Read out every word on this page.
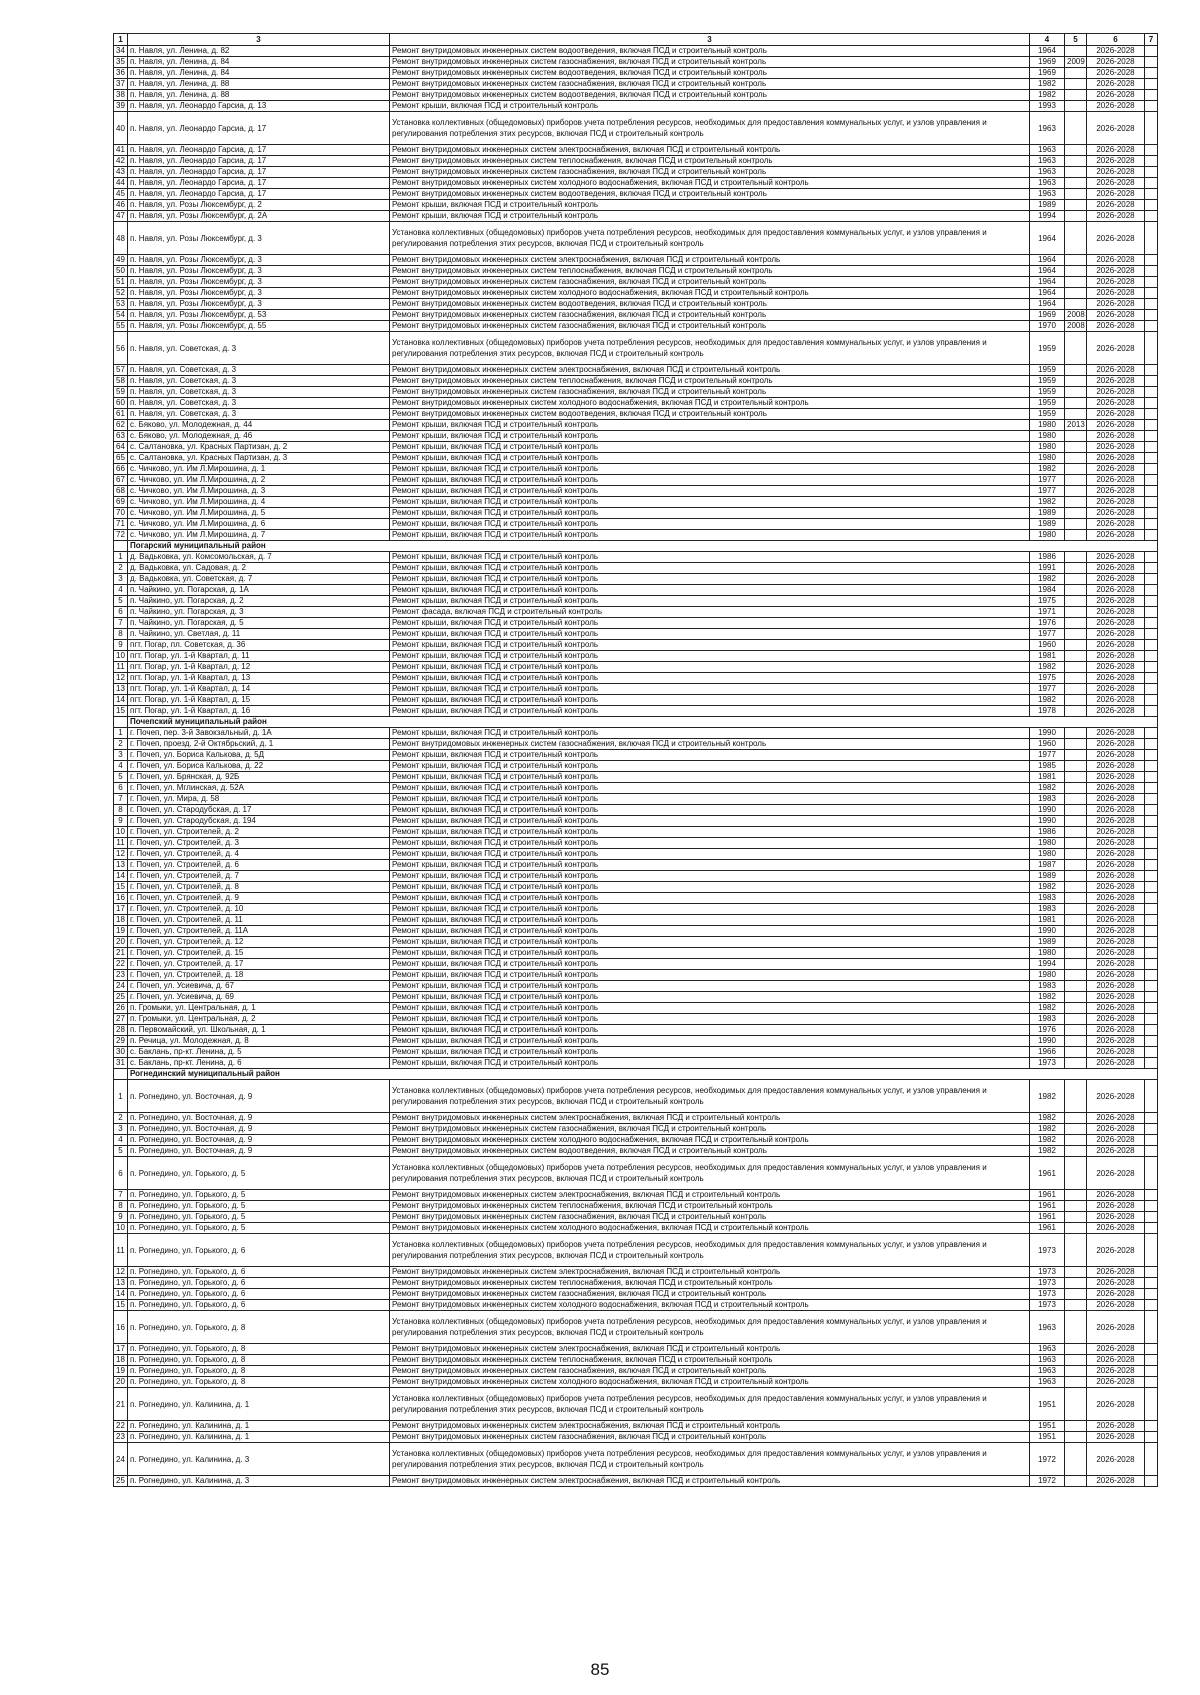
1	3	3	4	5	6	7
34	п. Навля, ул. Ленина, д. 82	Ремонт внутридомовых инженерных систем водоотведения, включая ПСД и строительный контроль	1964		2026-2028	
35	п. Навля, ул. Ленина, д. 84	Ремонт внутридомовых инженерных систем газоснабжения, включая ПСД и строительный контроль	1969	2009	2026-2028	
36	п. Навля, ул. Ленина, д. 84	Ремонт внутридомовых инженерных систем водоотведения, включая ПСД и строительный контроль	1969		2026-2028	
37	п. Навля, ул. Ленина, д. 88	Ремонт внутридомовых инженерных систем газоснабжения, включая ПСД и строительный контроль	1982		2026-2028	
38	п. Навля, ул. Ленина, д. 88	Ремонт внутридомовых инженерных систем водоотведения, включая ПСД и строительный контроль	1982		2026-2028	
39	п. Навля, ул. Леонардо Гарсиа, д. 13	Ремонт крыши, включая ПСД и строительный контроль	1993		2026-2028	
40	п. Навля, ул. Леонардо Гарсиа, д. 17	Установка коллективных (общедомовых) приборов учета потребления ресурсов, необходимых для предоставления коммунальных услуг, и узлов управления и регулирования потребления этих ресурсов, включая ПСД и строительный контроль	1963		2026-2028	
41	п. Навля, ул. Леонардо Гарсиа, д. 17	Ремонт внутридомовых инженерных систем электроснабжения, включая ПСД и строительный контроль	1963		2026-2028	
42	п. Навля, ул. Леонардо Гарсиа, д. 17	Ремонт внутридомовых инженерных систем теплоснабжения, включая ПСД и строительный контроль	1963		2026-2028	
43	п. Навля, ул. Леонардо Гарсиа, д. 17	Ремонт внутридомовых инженерных систем газоснабжения, включая ПСД и строительный контроль	1963		2026-2028	
44	п. Навля, ул. Леонардо Гарсиа, д. 17	Ремонт внутридомовых инженерных систем холодного водоснабжения, включая ПСД и строительный контроль	1963		2026-2028	
45	п. Навля, ул. Леонардо Гарсиа, д. 17	Ремонт внутридомовых инженерных систем водоотведения, включая ПСД и строительный контроль	1963		2026-2028	
46	п. Навля, ул. Розы Люксембург, д. 2	Ремонт крыши, включая ПСД и строительный контроль	1989		2026-2028	
47	п. Навля, ул. Розы Люксембург, д. 2А	Ремонт крыши, включая ПСД и строительный контроль	1994		2026-2028	
48	п. Навля, ул. Розы Люксембург, д. 3	Установка коллективных (общедомовых) приборов учета потребления ресурсов, необходимых для предоставления коммунальных услуг, и узлов управления и регулирования потребления этих ресурсов, включая ПСД и строительный контроль	1964		2026-2028	
49	п. Навля, ул. Розы Люксембург, д. 3	Ремонт внутридомовых инженерных систем электроснабжения, включая ПСД и строительный контроль	1964		2026-2028	
50	п. Навля, ул. Розы Люксембург, д. 3	Ремонт внутридомовых инженерных систем теплоснабжения, включая ПСД и строительный контроль	1964		2026-2028	
51	п. Навля, ул. Розы Люксембург, д. 3	Ремонт внутридомовых инженерных систем газоснабжения, включая ПСД и строительный контроль	1964		2026-2028	
52	п. Навля, ул. Розы Люксембург, д. 3	Ремонт внутридомовых инженерных систем холодного водоснабжения, включая ПСД и строительный контроль	1964		2026-2028	
53	п. Навля, ул. Розы Люксембург, д. 3	Ремонт внутридомовых инженерных систем водоотведения, включая ПСД и строительный контроль	1964		2026-2028	
54	п. Навля, ул. Розы Люксембург, д. 53	Ремонт внутридомовых инженерных систем газоснабжения, включая ПСД и строительный контроль	1969	2008	2026-2028	
55	п. Навля, ул. Розы Люксембург, д. 55	Ремонт внутридомовых инженерных систем газоснабжения, включая ПСД и строительный контроль	1970	2008	2026-2028	
56	п. Навля, ул. Советская, д. 3	Установка коллективных (общедомовых) приборов учета потребления ресурсов, необходимых для предоставления коммунальных услуг, и узлов управления и регулирования потребления этих ресурсов, включая ПСД и строительный контроль	1959		2026-2028	
57	п. Навля, ул. Советская, д. 3	Ремонт внутридомовых инженерных систем электроснабжения, включая ПСД и строительный контроль	1959		2026-2028	
58	п. Навля, ул. Советская, д. 3	Ремонт внутридомовых инженерных систем теплоснабжения, включая ПСД и строительный контроль	1959		2026-2028	
59	п. Навля, ул. Советская, д. 3	Ремонт внутридомовых инженерных систем газоснабжения, включая ПСД и строительный контроль	1959		2026-2028	
60	п. Навля, ул. Советская, д. 3	Ремонт внутридомовых инженерных систем холодного водоснабжения, включая ПСД и строительный контроль	1959		2026-2028	
61	п. Навля, ул. Советская, д. 3	Ремонт внутридомовых инженерных систем водоотведения, включая ПСД и строительный контроль	1959		2026-2028	
62	с. Бяково, ул. Молодежная, д. 44	Ремонт крыши, включая ПСД и строительный контроль	1980	2013	2026-2028	
63	с. Бяково, ул. Молодежная, д. 46	Ремонт крыши, включая ПСД и строительный контроль	1980		2026-2028	
64	с. Салтановка, ул. Красных Партизан, д. 2	Ремонт крыши, включая ПСД и строительный контроль	1980		2026-2028	
65	с. Салтановка, ул. Красных Партизан, д. 3	Ремонт крыши, включая ПСД и строительный контроль	1980		2026-2028	
66	с. Чичково, ул. Им Л.Мирошина, д. 1	Ремонт крыши, включая ПСД и строительный контроль	1982		2026-2028	
67	с. Чичково, ул. Им Л.Мирошина, д. 2	Ремонт крыши, включая ПСД и строительный контроль	1977		2026-2028	
68	с. Чичково, ул. Им Л.Мирошина, д. 3	Ремонт крыши, включая ПСД и строительный контроль	1977		2026-2028	
69	с. Чичково, ул. Им Л.Мирошина, д. 4	Ремонт крыши, включая ПСД и строительный контроль	1982		2026-2028	
70	с. Чичково, ул. Им Л.Мирошина, д. 5	Ремонт крыши, включая ПСД и строительный контроль	1989		2026-2028	
71	с. Чичково, ул. Им Л.Мирошина, д. 6	Ремонт крыши, включая ПСД и строительный контроль	1989		2026-2028	
72	с. Чичково, ул. Им Л.Мирошина, д. 7	Ремонт крыши, включая ПСД и строительный контроль	1980		2026-2028	
	Погарский муниципальный район					
1	д. Вадьковка, ул. Комсомольская, д. 7	Ремонт крыши, включая ПСД и строительный контроль	1986		2026-2028	
2	д. Вадьковка, ул. Садовая, д. 2	Ремонт крыши, включая ПСД и строительный контроль	1991		2026-2028	
3	д. Вадьковка, ул. Советская, д. 7	Ремонт крыши, включая ПСД и строительный контроль	1982		2026-2028	
4	п. Чайкино, ул. Погарская, д. 1А	Ремонт крыши, включая ПСД и строительный контроль	1984		2026-2028	
5	п. Чайкино, ул. Погарская, д. 2	Ремонт крыши, включая ПСД и строительный контроль	1975		2026-2028	
6	п. Чайкино, ул. Погарская, д. 3	Ремонт фасада, включая ПСД и строительный контроль	1971		2026-2028	
7	п. Чайкино, ул. Погарская, д. 5	Ремонт крыши, включая ПСД и строительный контроль	1976		2026-2028	
8	п. Чайкино, ул. Светлая, д. 11	Ремонт крыши, включая ПСД и строительный контроль	1977		2026-2028	
9	пгт. Погар, пл. Советская, д. 36	Ремонт крыши, включая ПСД и строительный контроль	1960		2026-2028	
10	пгт. Погар, ул. 1-й Квартал, д. 11	Ремонт крыши, включая ПСД и строительный контроль	1981		2026-2028	
11	пгт. Погар, ул. 1-й Квартал, д. 12	Ремонт крыши, включая ПСД и строительный контроль	1982		2026-2028	
12	пгт. Погар, ул. 1-й Квартал, д. 13	Ремонт крыши, включая ПСД и строительный контроль	1975		2026-2028	
13	пгт. Погар, ул. 1-й Квартал, д. 14	Ремонт крыши, включая ПСД и строительный контроль	1977		2026-2028	
14	пгт. Погар, ул. 1-й Квартал, д. 15	Ремонт крыши, включая ПСД и строительный контроль	1982		2026-2028	
15	пгт. Погар, ул. 1-й Квартал, д. 16	Ремонт крыши, включая ПСД и строительный контроль	1978		2026-2028	
	Почепский муниципальный район					
1	г. Почеп, пер. 3-й Завокзальный, д. 1А	Ремонт крыши, включая ПСД и строительный контроль	1990		2026-2028	
2	г. Почеп, проезд. 2-й Октябрьский, д. 1	Ремонт внутридомовых инженерных систем газоснабжения, включая ПСД и строительный контроль	1960		2026-2028	
3	г. Почеп, ул. Бориса Калькова, д. 5Д	Ремонт крыши, включая ПСД и строительный контроль	1977		2026-2028	
4	г. Почеп, ул. Бориса Калькова, д. 22	Ремонт крыши, включая ПСД и строительный контроль	1985		2026-2028	
5	г. Почеп, ул. Брянская, д. 92Б	Ремонт крыши, включая ПСД и строительный контроль	1981		2026-2028	
6	г. Почеп, ул. Мглинская, д. 52А	Ремонт крыши, включая ПСД и строительный контроль	1982		2026-2028	
7	г. Почеп, ул. Мира, д. 58	Ремонт крыши, включая ПСД и строительный контроль	1983		2026-2028	
8	г. Почеп, ул. Стародубская, д. 17	Ремонт крыши, включая ПСД и строительный контроль	1990		2026-2028	
9	г. Почеп, ул. Стародубская, д. 194	Ремонт крыши, включая ПСД и строительный контроль	1990		2026-2028	
10	г. Почеп, ул. Строителей, д. 2	Ремонт крыши, включая ПСД и строительный контроль	1986		2026-2028	
11	г. Почеп, ул. Строителей, д. 3	Ремонт крыши, включая ПСД и строительный контроль	1980		2026-2028	
12	г. Почеп, ул. Строителей, д. 4	Ремонт крыши, включая ПСД и строительный контроль	1980		2026-2028	
13	г. Почеп, ул. Строителей, д. 6	Ремонт крыши, включая ПСД и строительный контроль	1987		2026-2028	
14	г. Почеп, ул. Строителей, д. 7	Ремонт крыши, включая ПСД и строительный контроль	1989		2026-2028	
15	г. Почеп, ул. Строителей, д. 8	Ремонт крыши, включая ПСД и строительный контроль	1982		2026-2028	
16	г. Почеп, ул. Строителей, д. 9	Ремонт крыши, включая ПСД и строительный контроль	1983		2026-2028	
17	г. Почеп, ул. Строителей, д. 10	Ремонт крыши, включая ПСД и строительный контроль	1983		2026-2028	
18	г. Почеп, ул. Строителей, д. 11	Ремонт крыши, включая ПСД и строительный контроль	1981		2026-2028	
19	г. Почеп, ул. Строителей, д. 11А	Ремонт крыши, включая ПСД и строительный контроль	1990		2026-2028	
20	г. Почеп, ул. Строителей, д. 12	Ремонт крыши, включая ПСД и строительный контроль	1989		2026-2028	
21	г. Почеп, ул. Строителей, д. 15	Ремонт крыши, включая ПСД и строительный контроль	1980		2026-2028	
22	г. Почеп, ул. Строителей, д. 17	Ремонт крыши, включая ПСД и строительный контроль	1994		2026-2028	
23	г. Почеп, ул. Строителей, д. 18	Ремонт крыши, включая ПСД и строительный контроль	1980		2026-2028	
24	г. Почеп, ул. Усиевича, д. 67	Ремонт крыши, включая ПСД и строительный контроль	1983		2026-2028	
25	г. Почеп, ул. Усиевича, д. 69	Ремонт крыши, включая ПСД и строительный контроль	1982		2026-2028	
26	п. Громыки, ул. Центральная, д. 1	Ремонт крыши, включая ПСД и строительный контроль	1982		2026-2028	
27	п. Громыки, ул. Центральная, д. 2	Ремонт крыши, включая ПСД и строительный контроль	1983		2026-2028	
28	п. Первомайский, ул. Школьная, д. 1	Ремонт крыши, включая ПСД и строительный контроль	1976		2026-2028	
29	п. Речица, ул. Молодежная, д. 8	Ремонт крыши, включая ПСД и строительный контроль	1990		2026-2028	
30	с. Баклань, пр-кт. Ленина, д. 5	Ремонт крыши, включая ПСД и строительный контроль	1966		2026-2028	
31	с. Баклань, пр-кт. Ленина, д. 6	Ремонт крыши, включая ПСД и строительный контроль	1973		2026-2028	
	Рогнединский муниципальный район					
1	п. Рогнедино, ул. Восточная, д. 9	Установка коллективных (общедомовых) приборов учета потребления ресурсов, необходимых для предоставления коммунальных услуг, и узлов управления и регулирования потребления этих ресурсов, включая ПСД и строительный контроль	1982		2026-2028	
2	п. Рогнедино, ул. Восточная, д. 9	Ремонт внутридомовых инженерных систем электроснабжения, включая ПСД и строительный контроль	1982		2026-2028	
3	п. Рогнедино, ул. Восточная, д. 9	Ремонт внутридомовых инженерных систем газоснабжения, включая ПСД и строительный контроль	1982		2026-2028	
4	п. Рогнедино, ул. Восточная, д. 9	Ремонт внутридомовых инженерных систем холодного водоснабжения, включая ПСД и строительный контроль	1982		2026-2028	
5	п. Рогнедино, ул. Восточная, д. 9	Ремонт внутридомовых инженерных систем водоотведения, включая ПСД и строительный контроль	1982		2026-2028	
6	п. Рогнедино, ул. Горького, д. 5	Установка коллективных (общедомовых) приборов учета потребления ресурсов, необходимых для предоставления коммунальных услуг, и узлов управления и регулирования потребления этих ресурсов, включая ПСД и строительный контроль	1961		2026-2028	
7	п. Рогнедино, ул. Горького, д. 5	Ремонт внутридомовых инженерных систем электроснабжения, включая ПСД и строительный контроль	1961		2026-2028	
8	п. Рогнедино, ул. Горького, д. 5	Ремонт внутридомовых инженерных систем теплоснабжения, включая ПСД и строительный контроль	1961		2026-2028	
9	п. Рогнедино, ул. Горького, д. 5	Ремонт внутридомовых инженерных систем газоснабжения, включая ПСД и строительный контроль	1961		2026-2028	
10	п. Рогнедино, ул. Горького, д. 5	Ремонт внутридомовых инженерных систем холодного водоснабжения, включая ПСД и строительный контроль	1961		2026-2028	
11	п. Рогнедино, ул. Горького, д. 6	Установка коллективных (общедомовых) приборов учета потребления ресурсов, необходимых для предоставления коммунальных услуг, и узлов управления и регулирования потребления этих ресурсов, включая ПСД и строительный контроль	1973		2026-2028	
12	п. Рогнедино, ул. Горького, д. 6	Ремонт внутридомовых инженерных систем электроснабжения, включая ПСД и строительный контроль	1973		2026-2028	
13	п. Рогнедино, ул. Горького, д. 6	Ремонт внутридомовых инженерных систем теплоснабжения, включая ПСД и строительный контроль	1973		2026-2028	
14	п. Рогнедино, ул. Горького, д. 6	Ремонт внутридомовых инженерных систем газоснабжения, включая ПСД и строительный контроль	1973		2026-2028	
15	п. Рогнедино, ул. Горького, д. 6	Ремонт внутридомовых инженерных систем холодного водоснабжения, включая ПСД и строительный контроль	1973		2026-2028	
16	п. Рогнедино, ул. Горького, д. 8	Установка коллективных (общедомовых) приборов учета потребления ресурсов, необходимых для предоставления коммунальных услуг, и узлов управления и регулирования потребления этих ресурсов, включая ПСД и строительный контроль	1963		2026-2028	
17	п. Рогнедино, ул. Горького, д. 8	Ремонт внутридомовых инженерных систем электроснабжения, включая ПСД и строительный контроль	1963		2026-2028	
18	п. Рогнедино, ул. Горького, д. 8	Ремонт внутридомовых инженерных систем теплоснабжения, включая ПСД и строительный контроль	1963		2026-2028	
19	п. Рогнедино, ул. Горького, д. 8	Ремонт внутридомовых инженерных систем газоснабжения, включая ПСД и строительный контроль	1963		2026-2028	
20	п. Рогнедино, ул. Горького, д. 8	Ремонт внутридомовых инженерных систем холодного водоснабжения, включая ПСД и строительный контроль	1963		2026-2028	
21	п. Рогнедино, ул. Калинина, д. 1	Установка коллективных (общедомовых) приборов учета потребления ресурсов, необходимых для предоставления коммунальных услуг, и узлов управления и регулирования потребления этих ресурсов, включая ПСД и строительный контроль	1951		2026-2028	
22	п. Рогнедино, ул. Калинина, д. 1	Ремонт внутридомовых инженерных систем электроснабжения, включая ПСД и строительный контроль	1951		2026-2028	
23	п. Рогнедино, ул. Калинина, д. 1	Ремонт внутридомовых инженерных систем газоснабжения, включая ПСД и строительный контроль	1951		2026-2028	
24	п. Рогнедино, ул. Калинина, д. 3	Установка коллективных (общедомовых) приборов учета потребления ресурсов, необходимых для предоставления коммунальных услуг, и узлов управления и регулирования потребления этих ресурсов, включая ПСД и строительный контроль	1972		2026-2028	
25	п. Рогнедино, ул. Калинина, д. 3	Ремонт внутридомовых инженерных систем электроснабжения, включая ПСД и строительный контроль	1972		2026-2028	
85
